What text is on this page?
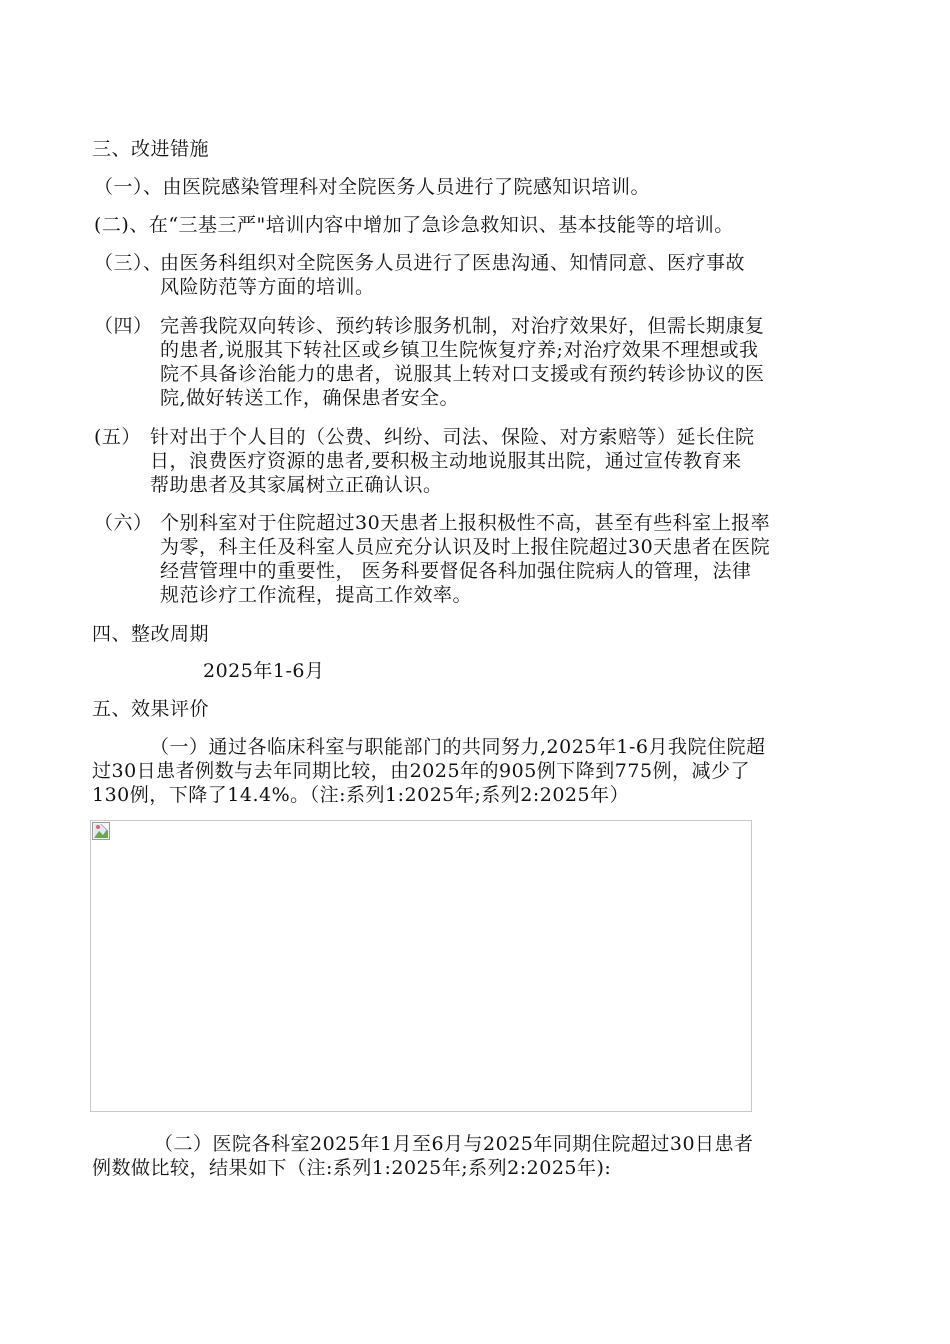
三、改进错施
（一）、由医院感染管理科对全院医务人员进行了院感知识培训。
(二)、在“三基三严"培训内容中增加了急诊急救知识、基本技能等的培训。
（三）、
由医务科组织对全院医务人员进行了医患沟通、知情同意、医疗事故
风险防范等方面的培训。
（四） 完善我院双向转诊、预约转诊服务机制，对治疗效果好，但需长期康复
的患者,说服其下转社区或乡镇卫生院恢复疗养;对治疗效果不理想或我
院不具备诊治能力的患者，说服其上转对口支援或有预约转诊协议的医
院,做好转送工作，确保患者安全。
(五） 针对出于个人目的（公费、纠纷、司法、保险、对方索赔等）延长住院
日，浪费医疗资源的患者,要积极主动地说服其出院，通过宣传教育来
帮助患者及其家属树立正确认识。
（六） 个别科室对于住院超过30天患者上报积极性不高，甚至有些科室上报率
为零，科主任及科室人员应充分认识及时上报住院超过30天患者在医院
经营管理中的重要性， 医务科要督促各科加强住院病人的管理，法律
规范诊疗工作流程，提高工作效率。
四、整改周期
2025年1-6月
五、效果评价
（一）通过各临床科室与职能部门的共同努力,2025年1-6月我院住院超
过30日患者例数与去年同期比较，由2025年的905例下降到775例，减少了
130例，下降了14.4%。（注:系列1:2025年;系列2:2025年）
（二）医院各科室2025年1月至6月与2025年同期住院超过30日患者
例数做比较，结果如下（注:系列1:2025年;系列2:2025年):
